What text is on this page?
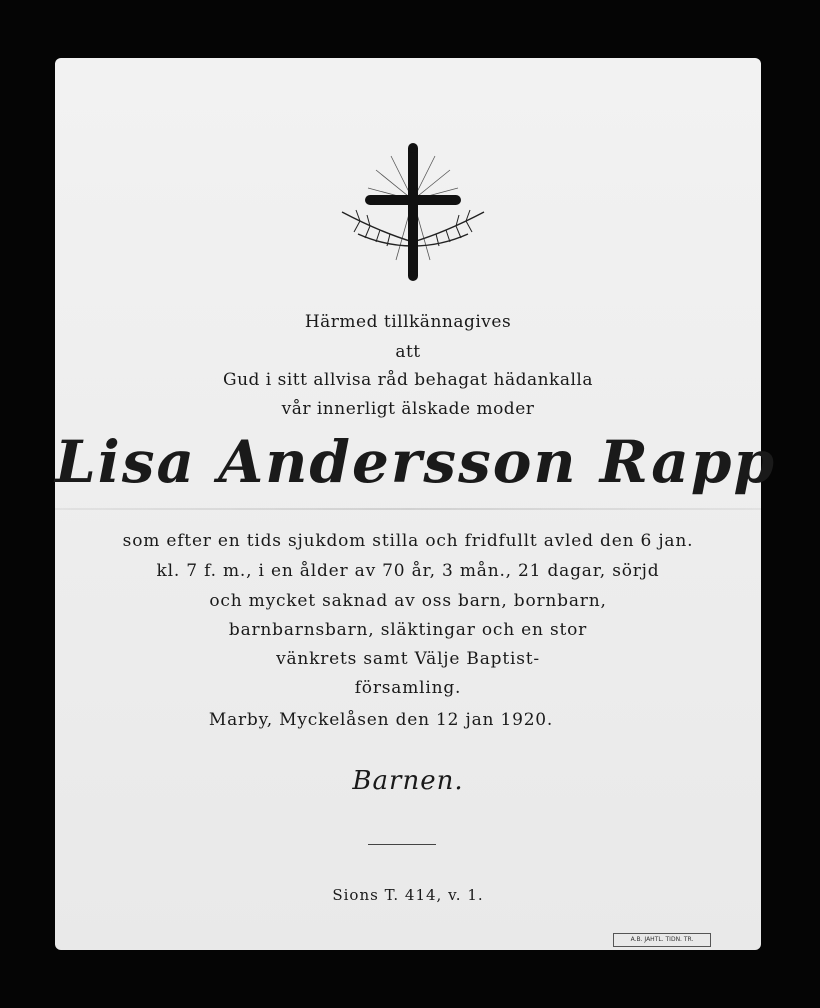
Härmed tillkännagives
att
Gud i sitt allvisa råd behagat hädankalla
vår innerligt älskade moder
Lisa Andersson Rapp
som efter en tids sjukdom stilla och fridfullt avled den 6 jan.
kl. 7 f. m., i en ålder av 70 år, 3 mån., 21 dagar, sörjd
och mycket saknad av oss barn, bornbarn,
barnbarnsbarn, släktingar och en stor
vänkrets samt Välje Baptist-
församling.
Marby, Myckelåsen den 12 jan 1920.
Barnen.
Sions T. 414, v. 1.
A.B. JAHTL. TIDN. TR.
